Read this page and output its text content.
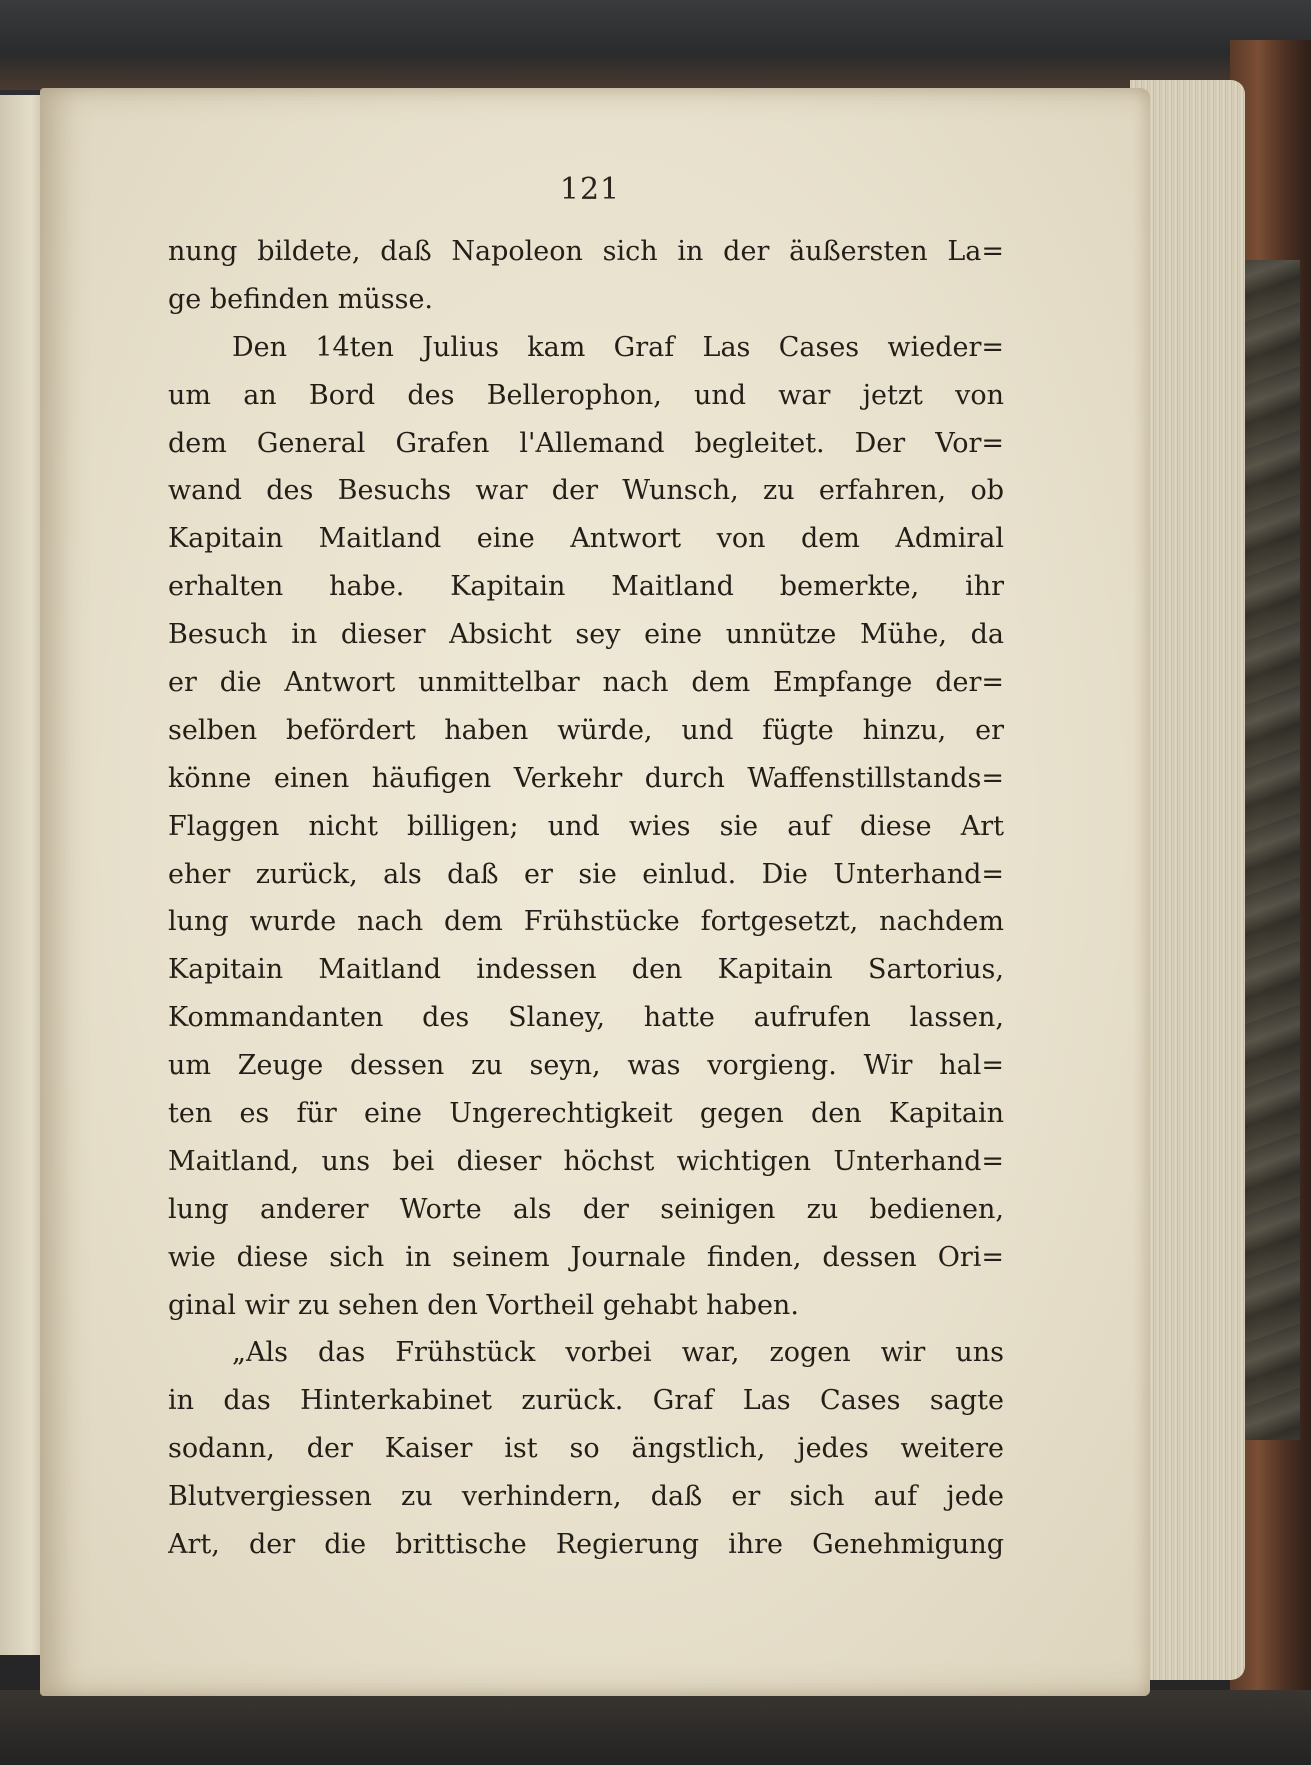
121
nung bildete, daß Napoleon sich in der äußersten La=
ge befinden müsse.
Den 14ten Julius kam Graf Las Cases wieder=
um an Bord des Bellerophon, und war jetzt von
dem General Grafen l'Allemand begleitet. Der Vor=
wand des Besuchs war der Wunsch, zu erfahren, ob
Kapitain Maitland eine Antwort von dem Admiral
erhalten habe. Kapitain Maitland bemerkte, ihr
Besuch in dieser Absicht sey eine unnütze Mühe, da
er die Antwort unmittelbar nach dem Empfange der=
selben befördert haben würde, und fügte hinzu, er
könne einen häufigen Verkehr durch Waffenstillstands=
Flaggen nicht billigen; und wies sie auf diese Art
eher zurück, als daß er sie einlud. Die Unterhand=
lung wurde nach dem Frühstücke fortgesetzt, nachdem
Kapitain Maitland indessen den Kapitain Sartorius,
Kommandanten des Slaney, hatte aufrufen lassen,
um Zeuge dessen zu seyn, was vorgieng. Wir hal=
ten es für eine Ungerechtigkeit gegen den Kapitain
Maitland, uns bei dieser höchst wichtigen Unterhand=
lung anderer Worte als der seinigen zu bedienen,
wie diese sich in seinem Journale finden, dessen Ori=
ginal wir zu sehen den Vortheil gehabt haben.
„Als das Frühstück vorbei war, zogen wir uns
in das Hinterkabinet zurück. Graf Las Cases sagte
sodann, der Kaiser ist so ängstlich, jedes weitere
Blutvergiessen zu verhindern, daß er sich auf jede
Art, der die brittische Regierung ihre Genehmigung
